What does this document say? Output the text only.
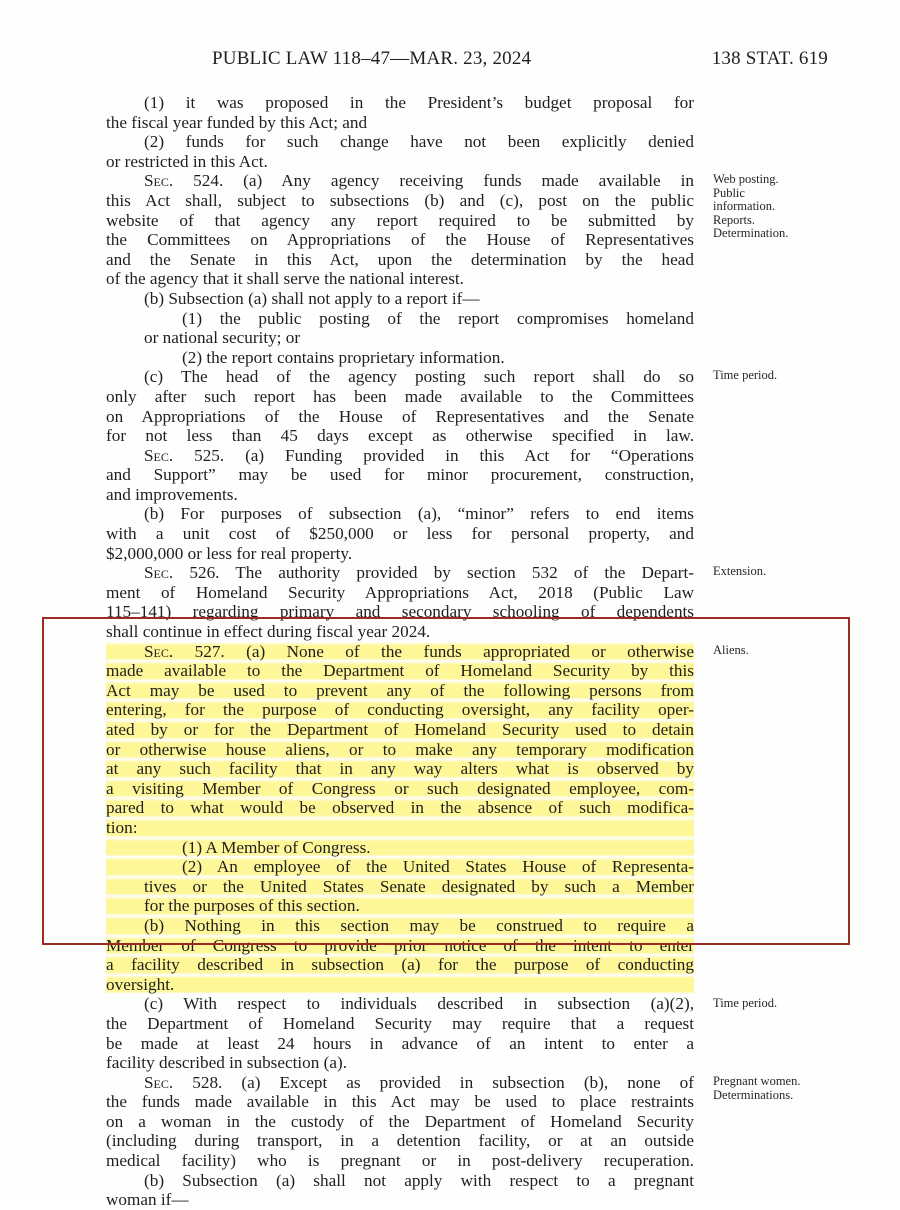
PUBLIC LAW 118–47—MAR. 23, 2024	138 STAT. 619
(1) it was proposed in the President’s budget proposal for
the fiscal year funded by this Act; and
(2) funds for such change have not been explicitly denied
or restricted in this Act.
Sec. 524. (a) Any agency receiving funds made available in
this Act shall, subject to subsections (b) and (c), post on the public
website of that agency any report required to be submitted by
the Committees on Appropriations of the House of Representatives
and the Senate in this Act, upon the determination by the head
of the agency that it shall serve the national interest.
(b) Subsection (a) shall not apply to a report if—
(1) the public posting of the report compromises homeland
or national security; or
(2) the report contains proprietary information.
(c) The head of the agency posting such report shall do so
only after such report has been made available to the Committees
on Appropriations of the House of Representatives and the Senate
for not less than 45 days except as otherwise specified in law.
Sec. 525. (a) Funding provided in this Act for “Operations
and Support” may be used for minor procurement, construction,
and improvements.
(b) For purposes of subsection (a), “minor” refers to end items
with a unit cost of $250,000 or less for personal property, and
$2,000,000 or less for real property.
Sec. 526. The authority provided by section 532 of the Depart-
ment of Homeland Security Appropriations Act, 2018 (Public Law
115–141) regarding primary and secondary schooling of dependents
shall continue in effect during fiscal year 2024.
Sec. 527. (a) None of the funds appropriated or otherwise
made available to the Department of Homeland Security by this
Act may be used to prevent any of the following persons from
entering, for the purpose of conducting oversight, any facility oper-
ated by or for the Department of Homeland Security used to detain
or otherwise house aliens, or to make any temporary modification
at any such facility that in any way alters what is observed by
a visiting Member of Congress or such designated employee, com-
pared to what would be observed in the absence of such modifica-
tion:
(1) A Member of Congress.
(2) An employee of the United States House of Representa-
tives or the United States Senate designated by such a Member
for the purposes of this section.
(b) Nothing in this section may be construed to require a
Member of Congress to provide prior notice of the intent to enter
a facility described in subsection (a) for the purpose of conducting
oversight.
(c) With respect to individuals described in subsection (a)(2),
the Department of Homeland Security may require that a request
be made at least 24 hours in advance of an intent to enter a
facility described in subsection (a).
Sec. 528. (a) Except as provided in subsection (b), none of
the funds made available in this Act may be used to place restraints
on a woman in the custody of the Department of Homeland Security
(including during transport, in a detention facility, or at an outside
medical facility) who is pregnant or in post-delivery recuperation.
(b) Subsection (a) shall not apply with respect to a pregnant
woman if—
Web posting.
Public
information.
Reports.
Determination.
Time period.
Extension.
Aliens.
Time period.
Pregnant women.
Determinations.
